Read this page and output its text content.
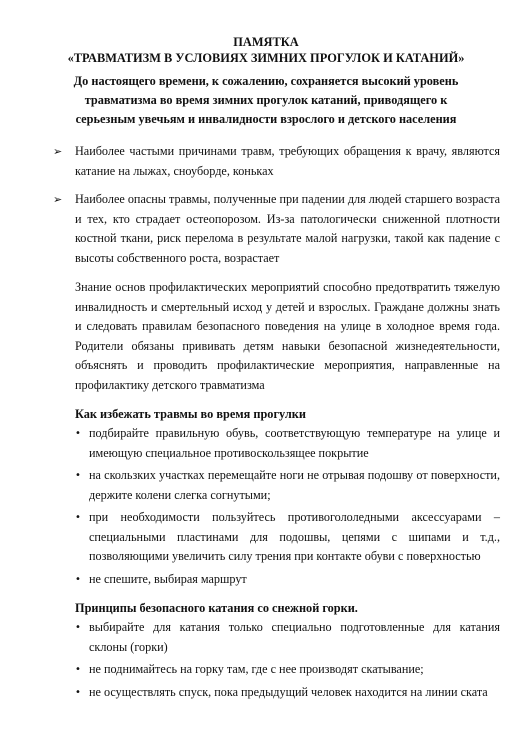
ПАМЯТКА
«ТРАВМАТИЗМ В УСЛОВИЯХ ЗИМНИХ ПРОГУЛОК И КАТАНИЙ»
До настоящего времени, к сожалению, сохраняется высокий уровень травматизма во время зимних прогулок катаний, приводящего к серьезным увечьям и инвалидности взрослого и детского населения
➢ Наиболее частыми причинами травм, требующих обращения к врачу, являются катание на лыжах, сноуборде, коньках
➢ Наиболее опасны травмы, полученные при падении для людей старшего возраста и тех, кто страдает остеопорозом. Из-за патологически сниженной плотности костной ткани, риск перелома в результате малой нагрузки, такой как падение с высоты собственного роста, возрастает
Знание основ профилактических мероприятий способно предотвратить тяжелую инвалидность и смертельный исход у детей и взрослых. Граждане должны знать и следовать правилам безопасного поведения на улице в холодное время года. Родители обязаны прививать детям навыки безопасной жизнедеятельности, объяснять и проводить профилактические мероприятия, направленные на профилактику детского травматизма
Как избежать травмы во время прогулки
• подбирайте правильную обувь, соответствующую температуре на улице и имеющую специальное противоскользящее покрытие
• на скользких участках перемещайте ноги не отрывая подошву от поверхности, держите колени слегка согнутыми;
• при необходимости пользуйтесь противогололедными аксессуарами – специальными пластинами для подошвы, цепями с шипами и т.д., позволяющими увеличить силу трения при контакте обуви с поверхностью
• не спешите, выбирая маршрут
Принципы безопасного катания со снежной горки.
• выбирайте для катания только специально подготовленные для катания склоны (горки)
• не поднимайтесь на горку там, где с нее производят скатывание;
• не осуществлять спуск, пока предыдущий человек находится на линии ската
